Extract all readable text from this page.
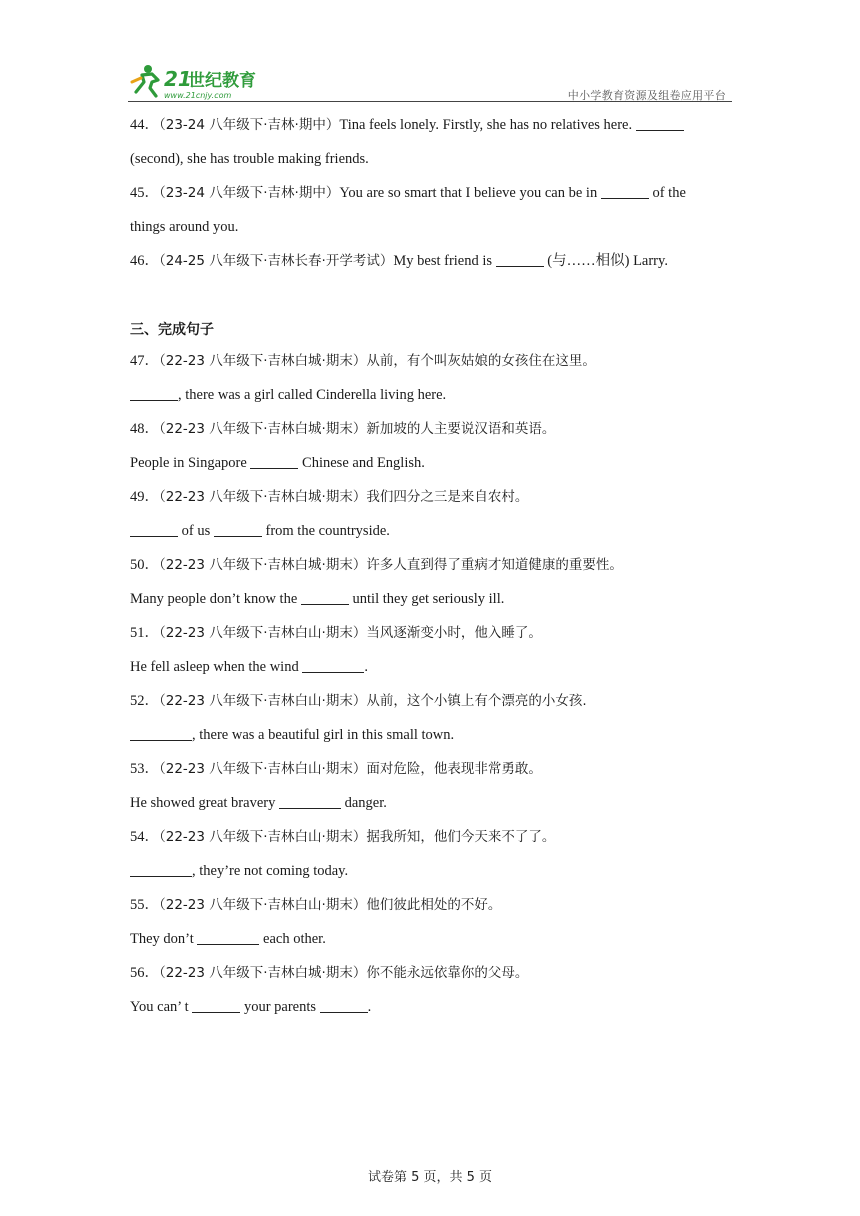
21
世纪教育
www.21cnjy.com	中小学教育资源及组卷应用平台
44．（23-24 八年级下·吉林·期中）Tina feels lonely. Firstly, she has no relatives here.
(second), she has trouble making friends.
45．（23-24 八年级下·吉林·期中）You are so smart that I believe you can be in	of the
things around you.
46．（24-25 八年级下·吉林长春·开学考试）My best friend is	(与……相似) Larry.
三、完成句子
47．（22-23 八年级下·吉林白城·期末）从前，有个叫灰姑娘的女孩住在这里。
, there was a girl called Cinderella living here.
48．（22-23 八年级下·吉林白城·期末）新加坡的人主要说汉语和英语。
People in Singapore	Chinese and English.
49．（22-23 八年级下·吉林白城·期末）我们四分之三是来自农村。
of us	from the countryside.
50．（22-23 八年级下·吉林白城·期末）许多人直到得了重病才知道健康的重要性。
Many people don’t know the	until they get seriously ill.
51．（22-23 八年级下·吉林白山·期末）当风逐渐变小时，他入睡了。
He fell asleep when the wind	.
52．（22-23 八年级下·吉林白山·期末）从前，这个小镇上有个漂亮的小女孩.
, there was a beautiful girl in this small town.
53．（22-23 八年级下·吉林白山·期末）面对危险，他表现非常勇敢。
He showed great bravery	danger.
54．（22-23 八年级下·吉林白山·期末）据我所知，他们今天来不了了。
, they’re not coming today.
55．（22-23 八年级下·吉林白山·期末）他们彼此相处的不好。
They don’t	each other.
56．（22-23 八年级下·吉林白城·期末）你不能永远依靠你的父母。
You can’ t	your parents	.
试卷第 5 页，共 5 页
